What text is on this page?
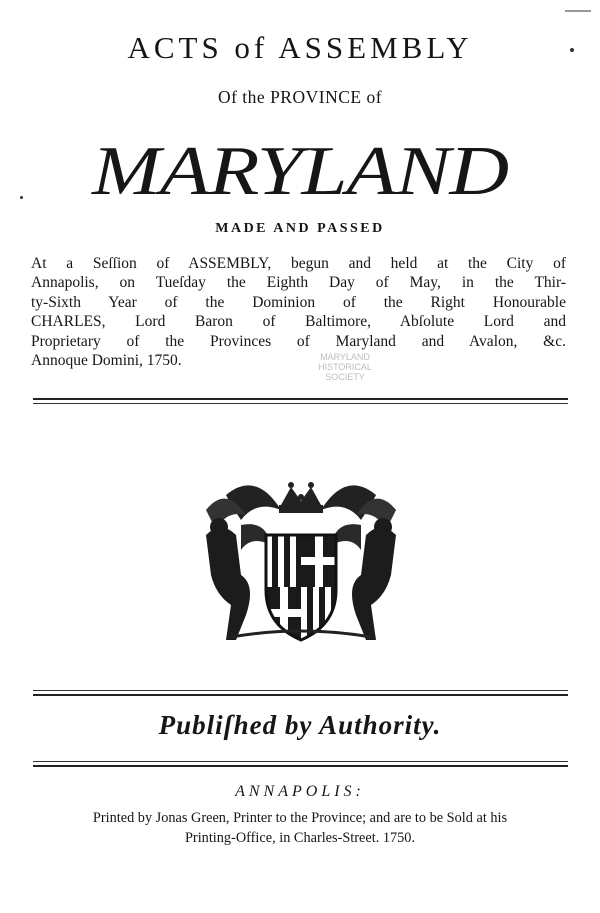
ACTS of ASSEMBLY
Of the PROVINCE of
MARYLAND
MADE AND PASSED
At a Seſſion of ASSEMBLY, begun and held at the City of
Annapolis, on Tueſday the Eighth Day of May, in the Thir-
ty-Sixth Year of the Dominion of the Right Honourable
CHARLES, Lord Baron of Baltimore, Abſolute Lord and
Proprietary of the Provinces of Maryland and Avalon, &c.
Annoque Domini, 1750.	MARYLAND
HISTORICAL
SOCIETY
Publiſhed by Authority.
ANNAPOLIS:
Printed by Jonas Green, Printer to the Province; and are to be Sold at his
Printing-Office, in Charles-Street. 1750.
